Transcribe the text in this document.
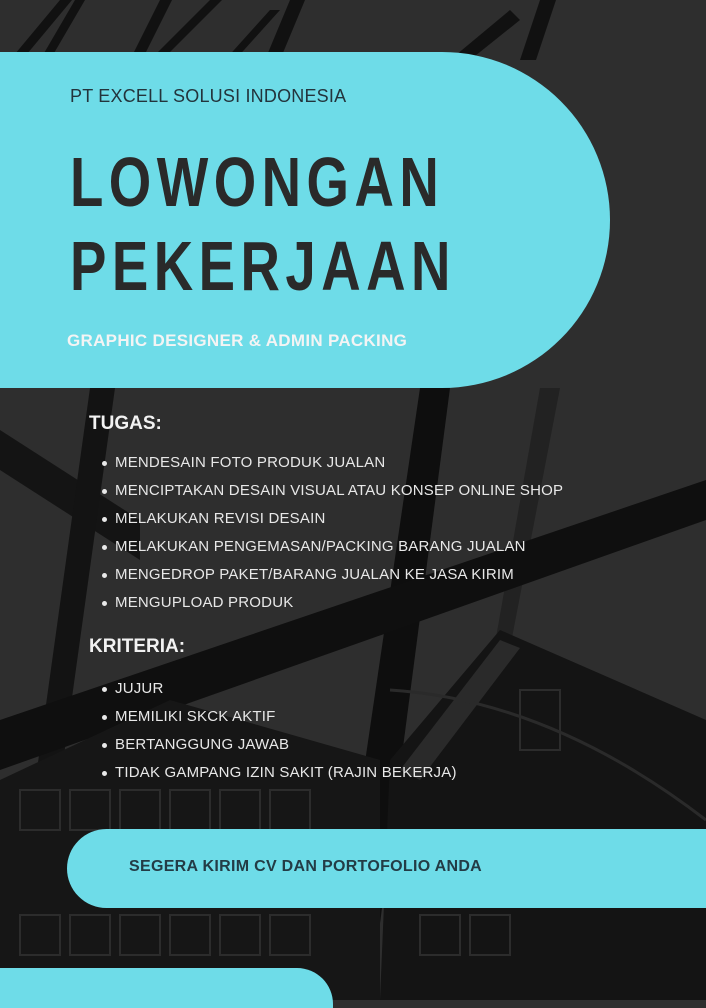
PT EXCELL SOLUSI INDONESIA
LOWONGAN
PEKERJAAN
GRAPHIC DESIGNER & ADMIN PACKING
TUGAS:
MENDESAIN FOTO PRODUK JUALAN
MENCIPTAKAN DESAIN VISUAL ATAU KONSEP ONLINE SHOP
MELAKUKAN REVISI DESAIN
MELAKUKAN PENGEMASAN/PACKING BARANG JUALAN
MENGEDROP PAKET/BARANG JUALAN KE JASA KIRIM
MENGUPLOAD PRODUK
KRITERIA:
JUJUR
MEMILIKI SKCK AKTIF
BERTANGGUNG JAWAB
TIDAK GAMPANG IZIN SAKIT (RAJIN BEKERJA)
SEGERA KIRIM CV DAN PORTOFOLIO ANDA
